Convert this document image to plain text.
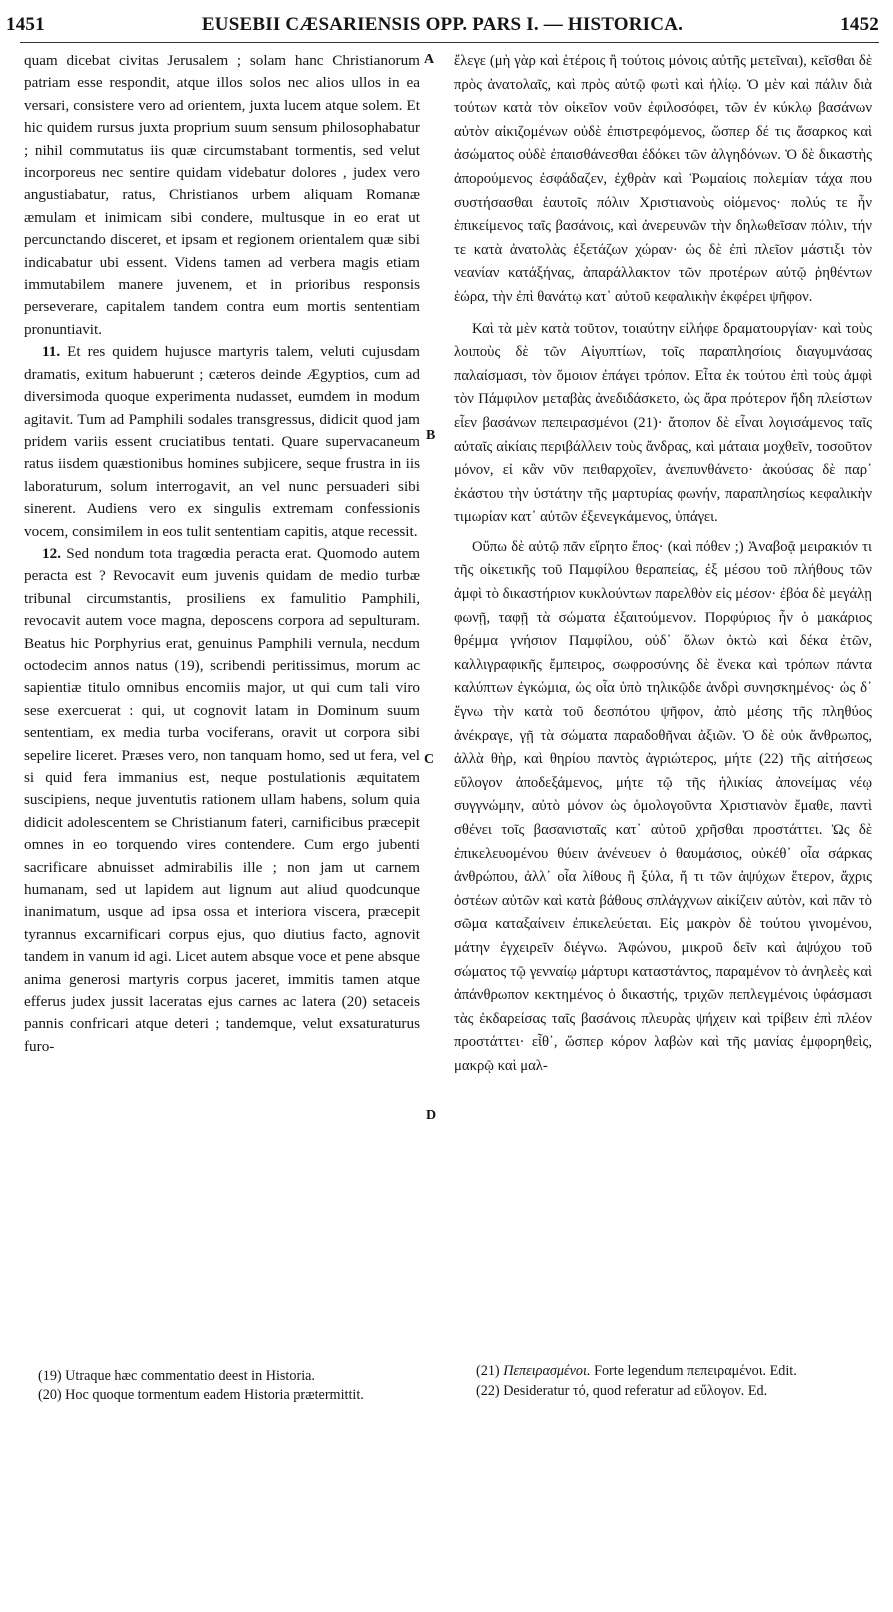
1451	EUSEBII CÆSARIENSIS OPP. PARS I. — HISTORICA.	1452

quam dicebat civitas Jerusalem ; solam hanc Christianorum patriam esse respondit, atque illos solos nec alios ullos in ea versari, consistere vero ad orientem, juxta lucem atque solem. Et hic quidem rursus juxta proprium suum sensum philosophabatur ; nihil commutatus iis quæ circumstabant tormentis, sed velut incorporeus nec sentire quidam videbatur dolores , judex vero angustiabatur, ratus, Christianos urbem aliquam Romanæ æmulam et inimicam sibi condere, multusque in eo erat ut percunctando disceret, et ipsam et regionem orientalem quæ sibi indicabatur ubi essent. Videns tamen ad verbera magis etiam immutabilem manere juvenem, et in prioribus responsis perseverare, capitalem tandem contra eum mortis sententiam pronuntiavit.

11. Et res quidem hujusce martyris talem, veluti cujusdam dramatis, exitum habuerunt ; cæteros deinde Ægyptios, cum ad diversimoda quoque experimenta nudasset, eumdem in modum agitavit. Tum ad Pamphili sodales transgressus, didicit quod jam pridem variis essent cruciatibus tentati. Quare supervacaneum ratus iisdem quæstionibus homines subjicere, seque frustra in iis laboraturum, solum interrogavit, an vel nunc persuaderi sibi sinerent. Audiens vero ex singulis extremam confessionis vocem, consimilem in eos tulit sententiam capitis, atque recessit.

12. Sed nondum tota tragœdia peracta erat. Quomodo autem peracta est ? Revocavit eum juvenis quidam de medio turbæ tribunal circumstantis, prosiliens ex famulitio Pamphili, revocavit autem voce magna, deposcens corpora ad sepulturam. Beatus hic Porphyrius erat, genuinus Pamphili vernula, necdum octodecim annos natus (19), scribendi peritissimus, morum ac sapientiæ titulo omnibus encomiis major, ut qui cum tali viro sese exercuerat : qui, ut cognovit latam in Dominum suum sententiam, ex media turba vociferans, oravit ut corpora sibi sepelire liceret. Præses vero, non tanquam homo, sed ut fera, vel si quid fera immanius est, neque postulationis æquitatem suscipiens, neque juventutis rationem ullam habens, solum quia didicit adolescentem se Christianum fateri, carnificibus præcepit omnes in eo torquendo vires contendere. Cum ergo jubenti sacrificare abnuisset admirabilis ille ; non jam ut carnem humanam, sed ut lapidem aut lignum aut aliud quodcunque inanimatum, usque ad ipsa ossa et interiora viscera, præcepit tyrannus excarnificari corpus ejus, quo diutius facto, agnovit tandem in vanum id agi. Licet autem absque voce et pene absque anima generosi martyris corpus jaceret, immitis tamen atque efferus judex jussit laceratas ejus carnes ac latera (20) setaceis pannis confricari atque deteri ; tandemque, velut exsaturaturus furo-

A
B
C
D

ἔλεγε (μὴ γὰρ καὶ ἑτέροις ἢ τούτοις μόνοις αὐτῆς μετεῖναι), κεῖσθαι δὲ πρὸς ἀνατολαῖς, καὶ πρὸς αὐτῷ φωτὶ καὶ ἡλίῳ. Ὁ μὲν καὶ πάλιν διὰ τούτων κατὰ τὸν οἰκεῖον νοῦν ἐφιλοσόφει, τῶν ἐν κύκλῳ βασάνων αὐτὸν αἰκιζομένων οὐδὲ ἐπιστρεφόμενος, ὥσπερ δέ τις ἄσαρκος καὶ ἀσώματος οὐδὲ ἐπαισθάνεσθαι ἐδόκει τῶν ἀλγηδόνων. Ὁ δὲ δικαστὴς ἀπορούμενος ἐσφάδαζεν, ἐχθρὰν καὶ Ῥωμαίοις πολεμίαν τάχα που συστήσασθαι ἑαυτοῖς πόλιν Χριστιανοὺς οἰόμενος· πολύς τε ἦν ἐπικείμενος ταῖς βασάνοις, καὶ ἀνερευνῶν τὴν δηλωθεῖσαν πόλιν, τήν τε κατὰ ἀνατολὰς ἐξετάζων χώραν· ὡς δὲ ἐπὶ πλεῖον μάστιξι τὸν νεανίαν κατάξήνας, ἀπαράλλακτον τῶν προτέρων αὐτῷ ῥηθέντων ἑώρα, τὴν ἐπὶ θανάτῳ κατ᾽ αὐτοῦ κεφαλικὴν ἐκφέρει ψῆφον.

Καὶ τὰ μὲν κατὰ τοῦτον, τοιαύτην εἰλήφε δραματουργίαν· καὶ τοὺς λοιποὺς δὲ τῶν Αἰγυπτίων, τοῖς παραπλησίοις διαγυμνάσας παλαίσμασι, τὸν ὅμοιον ἐπάγει τρόπον. Εἶτα ἐκ τούτου ἐπὶ τοὺς ἀμφὶ τὸν Πάμφιλον μεταβὰς ἀνεδιδάσκετο, ὡς ἄρα πρότερον ἤδη πλείστων εἶεν βασάνων πεπειρασμένοι (21)· ἄτοπον δὲ εἶναι λογισάμενος ταῖς αὐταῖς αἰκίαις περιβάλλειν τοὺς ἄνδρας, καὶ μάταια μοχθεῖν, τοσοῦτον μόνον, εἰ κἂν νῦν πειθαρχοῖεν, ἀνεπυνθάνετο· ἀκούσας δὲ παρ᾽ ἑκάστου τὴν ὑστάτην τῆς μαρτυρίας φωνήν, παραπλησίως κεφαλικὴν τιμωρίαν κατ᾽ αὐτῶν ἐξενεγκάμενος, ὑπάγει.

Οὔπω δὲ αὐτῷ πᾶν εἴρητο ἔπος· (καὶ πόθεν ;) Ἀναβοᾷ μειρακιόν τι τῆς οἰκετικῆς τοῦ Παμφίλου θεραπείας, ἐξ μέσου τοῦ πλήθους τῶν ἀμφὶ τὸ δικαστήριον κυκλούντων παρελθὸν εἰς μέσον· ἐβόα δὲ μεγάλῃ φωνῇ, ταφῇ τὰ σώματα ἐξαιτούμενον. Πορφύριος ἦν ὁ μακάριος θρέμμα γνήσιον Παμφίλου, οὐδ᾽ ὅλων ὀκτὼ καὶ δέκα ἐτῶν, καλλιγραφικῆς ἔμπειρος, σωφροσύνης δὲ ἕνεκα καὶ τρόπων πάντα καλύπτων ἐγκώμια, ὡς οἷα ὑπὸ τηλικῷδε ἀνδρὶ συνησκημένος· ὡς δ᾽ ἔγνω τὴν κατὰ τοῦ δεσπότου ψῆφον, ἀπὸ μέσης τῆς πληθύος ἀνέκραγε, γῇ τὰ σώματα παραδοθῆναι ἀξιῶν. Ὁ δὲ οὐκ ἄνθρωπος, ἀλλὰ θὴρ, καὶ θηρίου παντὸς ἀγριώτερος, μήτε (22) τῆς αἰτήσεως εὔλογον ἀποδεξάμενος, μήτε τῷ τῆς ἡλικίας ἀπονείμας νέῳ συγγνώμην, αὐτὸ μόνον ὡς ὁμολογοῦντα Χριστιανὸν ἔμαθε, παντὶ σθένει τοῖς βασανισταῖς κατ᾽ αὐτοῦ χρῆσθαι προστάττει. Ὡς δὲ ἐπικελευομένου θύειν ἀνένευεν ὁ θαυμάσιος, οὐκέθ᾽ οἷα σάρκας ἀνθρώπου, ἀλλ᾽ οἷα λίθους ἢ ξύλα, ἤ τι τῶν ἀψύχων ἕτερον, ἄχρις ὀστέων αὐτῶν καὶ κατὰ βάθους σπλάγχνων αἰκίζειν αὐτὸν, καὶ πᾶν τὸ σῶμα καταξαίνειν ἐπικελεύεται. Εἰς μακρὸν δὲ τούτου γινομένου, μάτην ἐγχειρεῖν διέγνω. Ἀφώνου, μικροῦ δεῖν καὶ ἀψύχου τοῦ σώματος τῷ γενναίῳ μάρτυρι καταστάντος, παραμένον τὸ ἀνηλεὲς καὶ ἀπάνθρωπον κεκτημένος ὁ δικαστής, τριχῶν πεπλεγμένοις ὑφάσμασι τὰς ἐκδαρείσας ταῖς βασάνοις πλευρὰς ψήχειν καὶ τρίβειν ἐπὶ πλέον προστάττει· εἶθ᾽, ὥσπερ κόρον λαβὼν καὶ τῆς μανίας ἐμφορηθεὶς, μακρῷ καὶ μαλ-

(19) Utraque hæc commentatio deest in Historia.

(20) Hoc quoque tormentum eadem Historia prætermittit.

(21) Πεπειρασμένοι. Forte legendum πεπειραμένοι. Edit.

(22) Desideratur τό, quod referatur ad εὔλογον. Ed.
